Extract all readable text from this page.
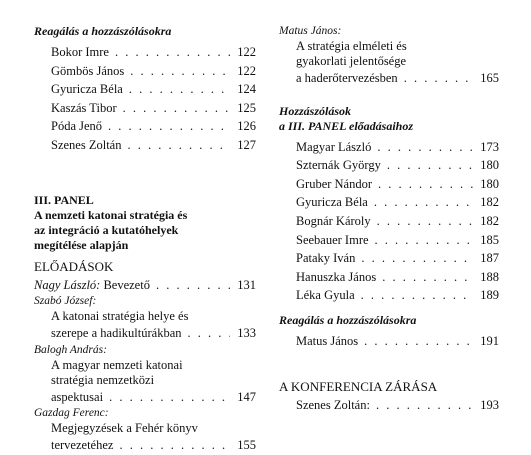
Reagálás a hozzászólásokra
Bokor Imre . . .	122
Gömbös János . . .	122
Gyuricza Béla . . .	124
Kaszás Tibor . . .	125
Póda Jenő . . .	126
Szenes Zoltán . . .	127
III. PANEL
A nemzeti katonai stratégia és
az integráció a kutatóhelyek
megítélése alapján
ELŐADÁSOK
Nagy László: Bevezető . . .	131
Szabó József:
A katonai stratégia helye és
szerepe a hadikultúrákban . . .	133
Balogh András:
A magyar nemzeti katonai
stratégia nemzetközi
aspektusai . . .	147
Gazdag Ferenc:
Megjegyzések a Fehér könyv
tervezetéhez . . .	155
Matus János:
A stratégia elméleti és
gyakorlati jelentősége
a haderőtervezésben . . .	165
Hozzászólások
a III. PANEL előadásaihoz
Magyar László . . .	173
Szternák György . . .	180
Gruber Nándor . . .	180
Gyuricza Béla . . .	182
Bognár Károly . . .	182
Seebauer Imre . . .	185
Pataky Iván . . .	187
Hanuszka János . . .	188
Léka Gyula . . .	189
Reagálás a hozzászólásokra
Matus János . . .	191
A KONFERENCIA ZÁRÁSA
Szenes Zoltán: . . .	193
